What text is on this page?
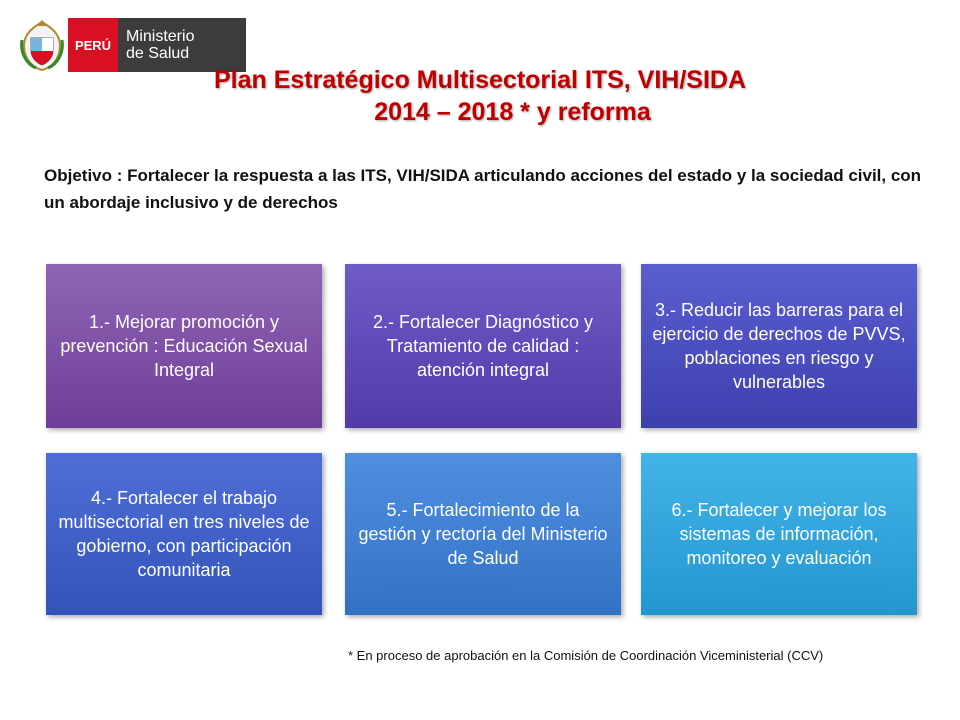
PERÚ Ministerio
de Salud
Plan Estratégico Multisectorial ITS, VIH/SIDA
2014 – 2018 * y reforma
Objetivo : Fortalecer la respuesta a las ITS, VIH/SIDA articulando acciones del estado y la sociedad civil, con un abordaje inclusivo y de derechos
1.- Mejorar promoción y prevención : Educación Sexual Integral
2.- Fortalecer Diagnóstico y Tratamiento de calidad : atención integral
3.- Reducir las barreras para el ejercicio de derechos de PVVS, poblaciones en riesgo y vulnerables
4.- Fortalecer el trabajo multisectorial en tres niveles de gobierno, con participación comunitaria
5.- Fortalecimiento de la gestión y rectoría del Ministerio de Salud
6.- Fortalecer y mejorar los sistemas de información, monitoreo y evaluación
* En proceso de aprobación en la Comisión de Coordinación Viceministerial (CCV)
